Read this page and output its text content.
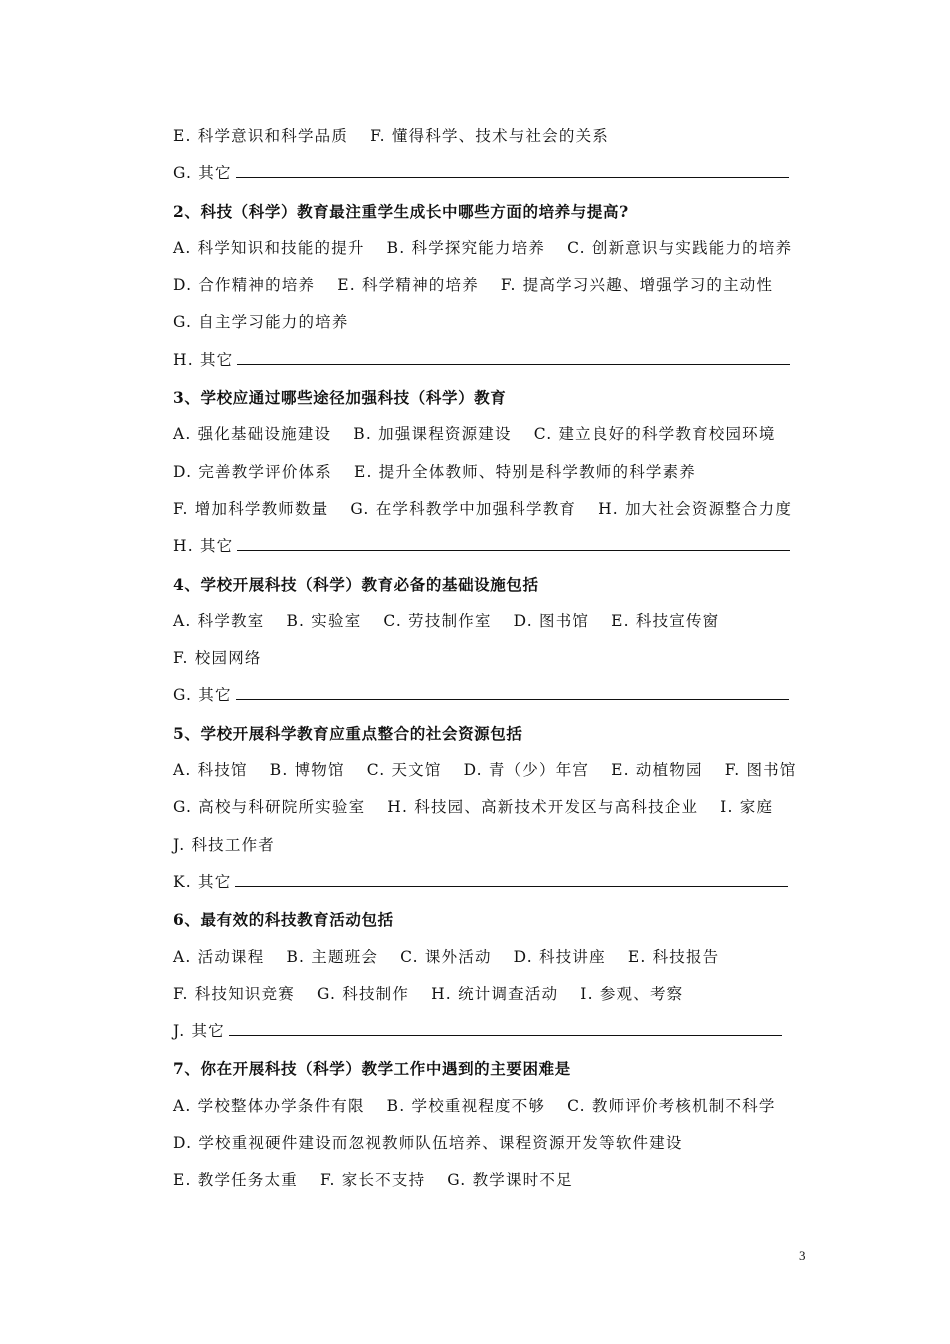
E. 科学意识和科学品质 F. 懂得科学、技术与社会的关系
G. 其它
2、科技（科学）教育最注重学生成长中哪些方面的培养与提高?
A. 科学知识和技能的提升 B. 科学探究能力培养 C. 创新意识与实践能力的培养
D. 合作精神的培养 E. 科学精神的培养 F. 提高学习兴趣、增强学习的主动性
G. 自主学习能力的培养
H. 其它
3、学校应通过哪些途径加强科技（科学）教育
A. 强化基础设施建设 B. 加强课程资源建设 C. 建立良好的科学教育校园环境
D. 完善教学评价体系 E. 提升全体教师、特别是科学教师的科学素养
F. 增加科学教师数量 G. 在学科教学中加强科学教育 H. 加大社会资源整合力度
H. 其它
4、学校开展科技（科学）教育必备的基础设施包括
A. 科学教室 B. 实验室 C. 劳技制作室 D. 图书馆 E. 科技宣传窗
F. 校园网络
G. 其它
5、学校开展科学教育应重点整合的社会资源包括
A. 科技馆 B. 博物馆 C. 天文馆 D. 青（少）年宫 E. 动植物园 F. 图书馆
G. 高校与科研院所实验室 H. 科技园、高新技术开发区与高科技企业 I. 家庭
J. 科技工作者
K. 其它
6、最有效的科技教育活动包括
A. 活动课程 B. 主题班会 C. 课外活动 D. 科技讲座 E. 科技报告
F. 科技知识竞赛 G. 科技制作 H. 统计调查活动 I. 参观、考察
J. 其它
7、你在开展科技（科学）教学工作中遇到的主要困难是
A. 学校整体办学条件有限 B. 学校重视程度不够 C. 教师评价考核机制不科学
D. 学校重视硬件建设而忽视教师队伍培养、课程资源开发等软件建设
E. 教学任务太重 F. 家长不支持 G. 教学课时不足
3
